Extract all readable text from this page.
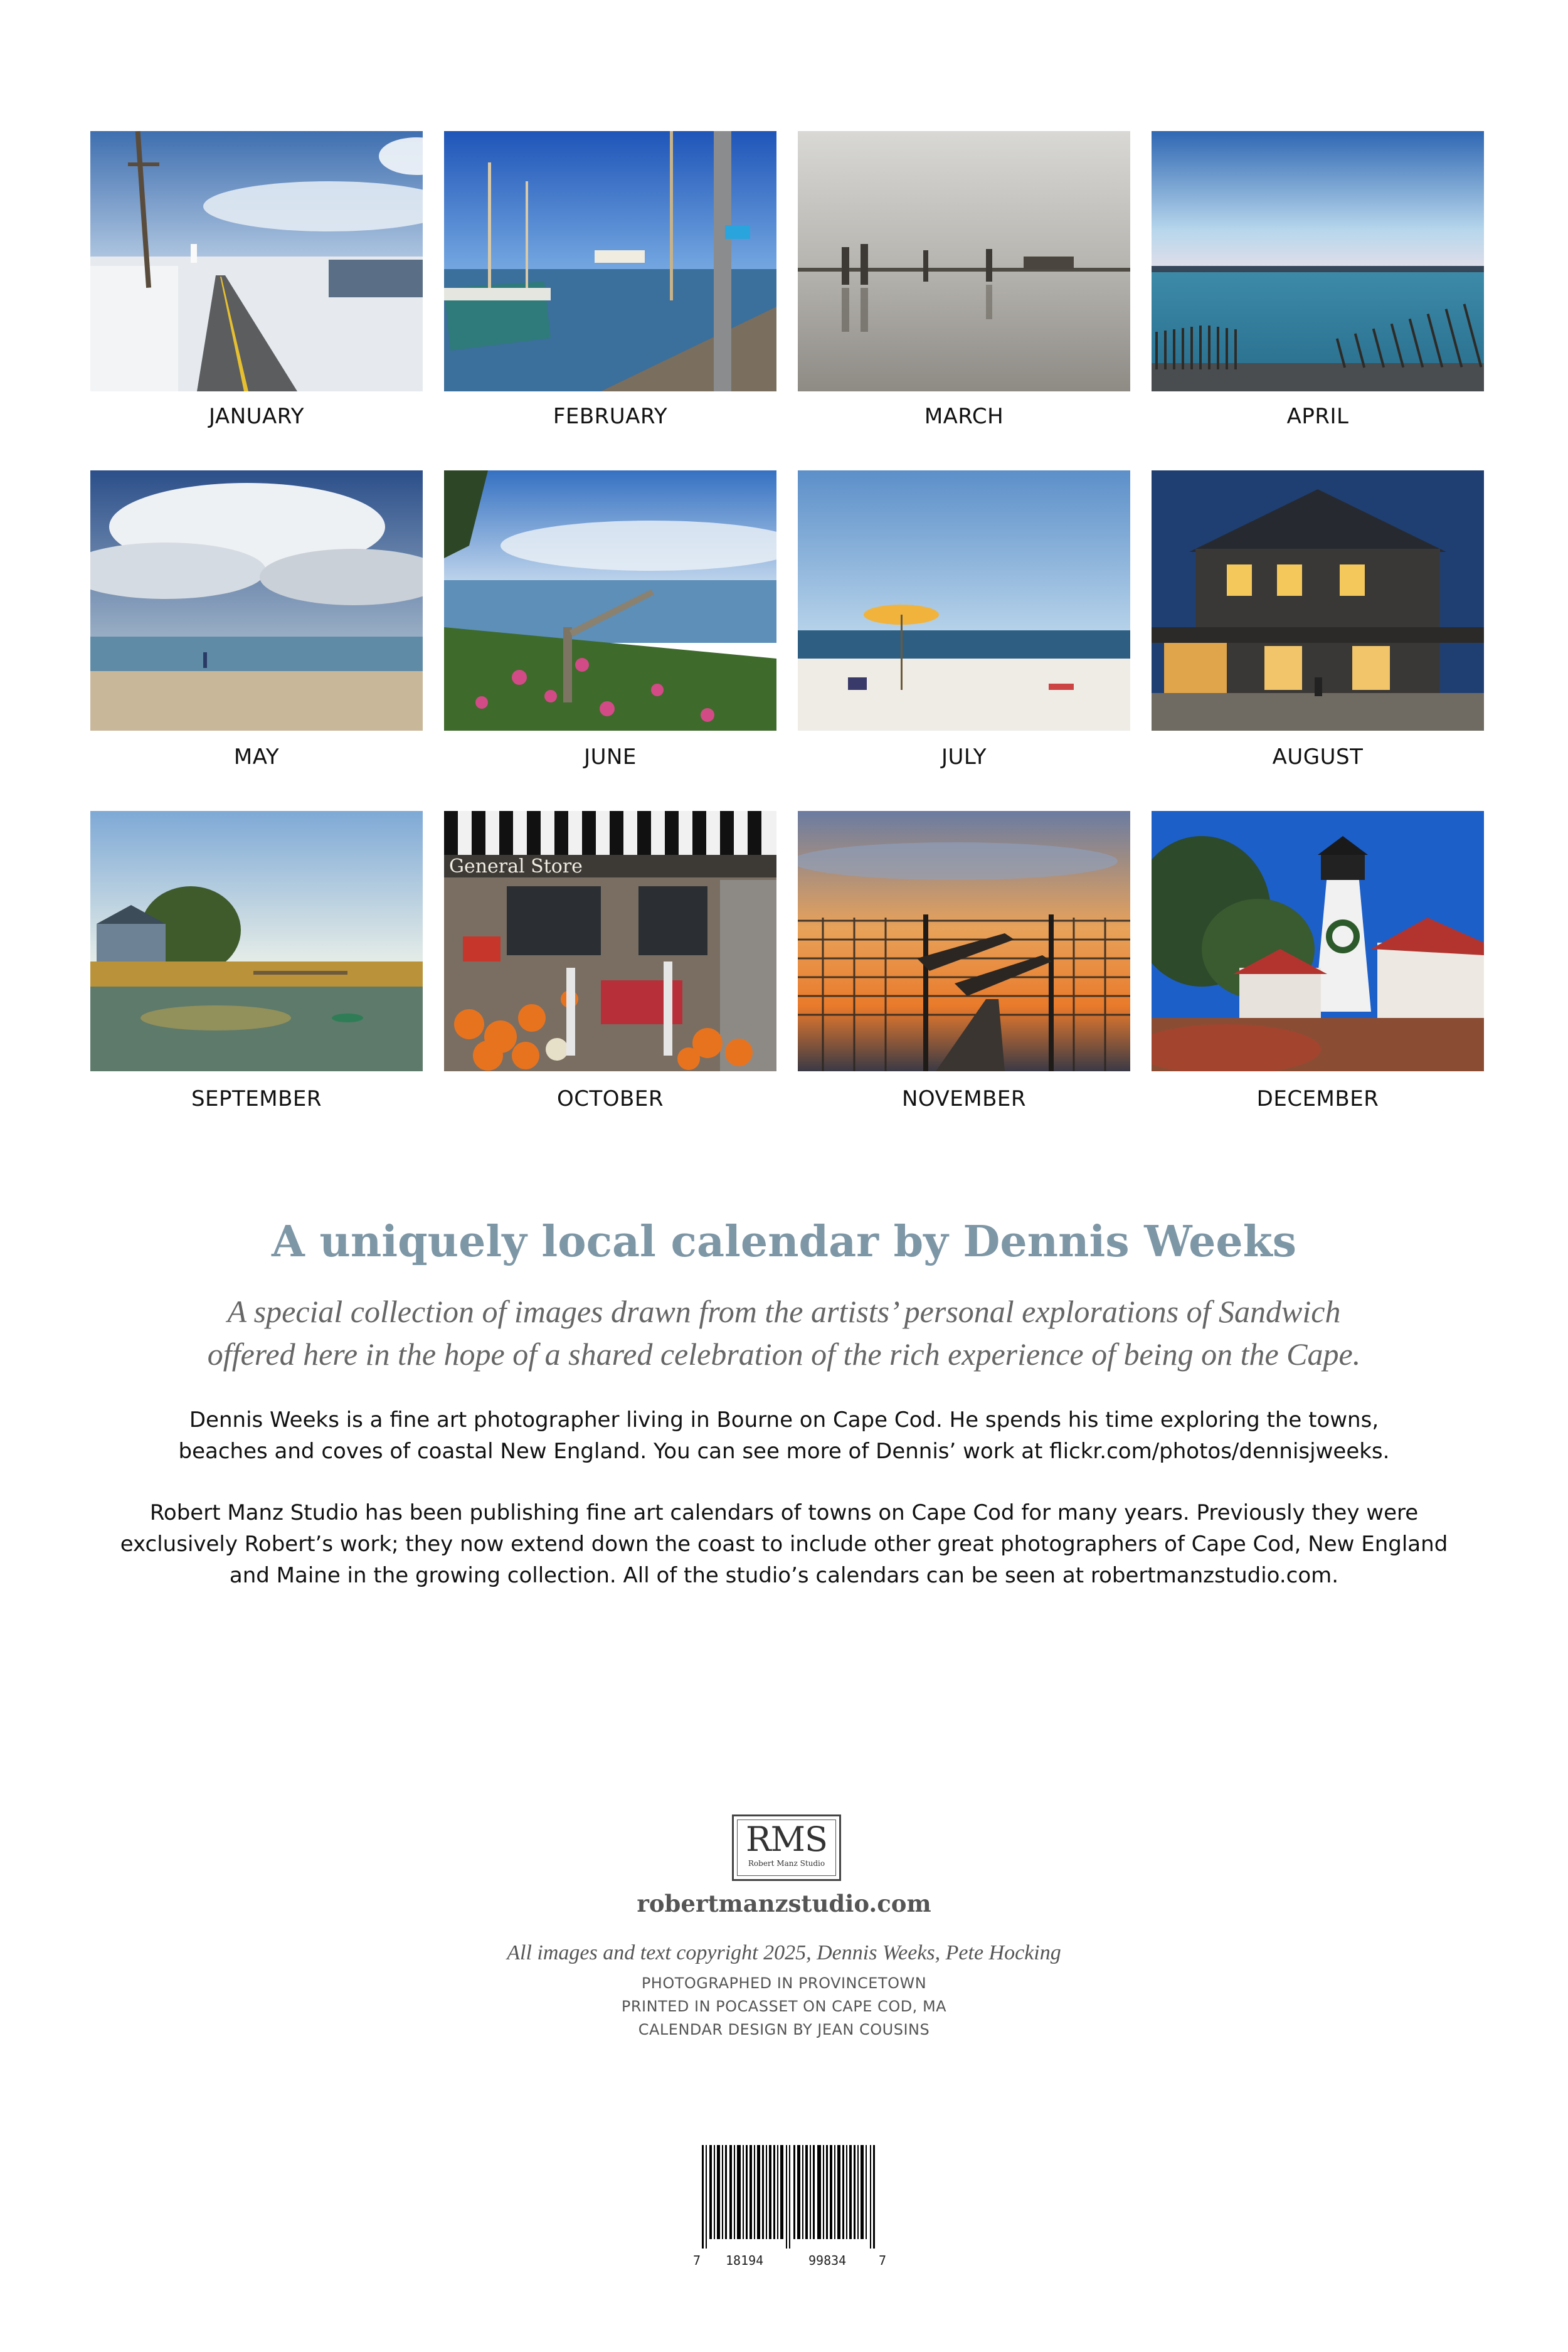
JANUARY	FEBRUARY	MARCH	APRIL
MAY	JUNE	JULY	AUGUST
General Store
SEPTEMBER	OCTOBER	NOVEMBER	DECEMBER
A uniquely local calendar by Dennis Weeks
A special collection of images drawn from the artists’ personal explorations of Sandwich
offered here in the hope of a shared celebration of the rich experience of being on the Cape.
Dennis Weeks is a fine art photographer living in Bourne on Cape Cod. He spends his time exploring the towns,
beaches and coves of coastal New England. You can see more of Dennis’ work at flickr.com/photos/dennisjweeks.
Robert Manz Studio has been publishing fine art calendars of towns on Cape Cod for many years. Previously they were
exclusively Robert’s work; they now extend down the coast to include other great photographers of Cape Cod, New England
and Maine in the growing collection. All of the studio’s calendars can be seen at robertmanzstudio.com.
RMS
Robert Manz Studio
robertmanzstudio.com
All images and text copyright 2025, Dennis Weeks, Pete Hocking
PHOTOGRAPHED IN PROVINCETOWN
PRINTED IN POCASSET ON CAPE COD, MA
CALENDAR DESIGN BY JEAN COUSINS
7 18194	99834	7
